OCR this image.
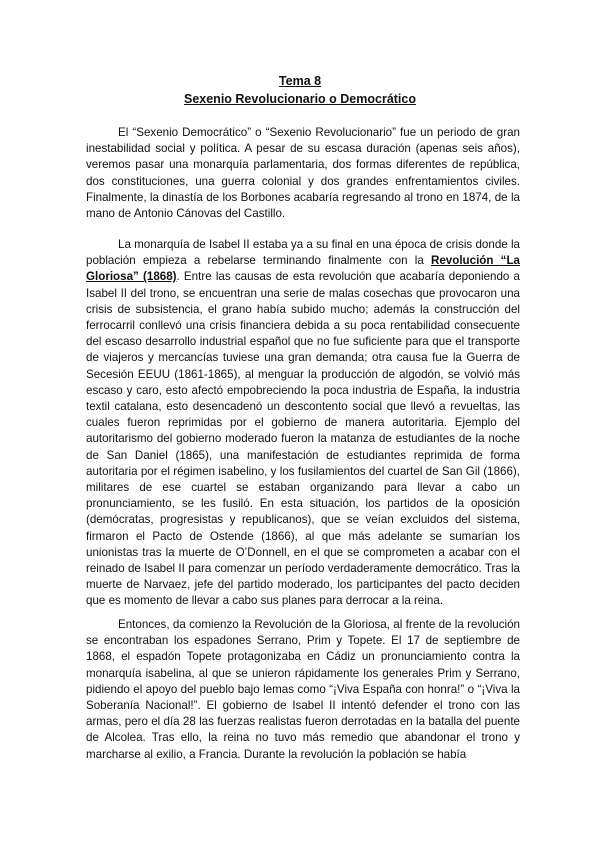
Tema 8
Sexenio Revolucionario o Democrático

El “Sexenio Democrático” o “Sexenio Revolucionario” fue un periodo de gran inestabilidad social y política. A pesar de su escasa duración (apenas seis años), veremos pasar una monarquía parlamentaria, dos formas diferentes de república, dos constituciones, una guerra colonial y dos grandes enfrentamientos civiles. Finalmente, la dinastía de los Borbones acabaría regresando al trono en 1874, de la mano de Antonio Cánovas del Castillo.

La monarquía de Isabel II estaba ya a su final en una época de crisis donde la población empieza a rebelarse terminando finalmente con la Revolución “La Gloriosa” (1868). Entre las causas de esta revolución que acabaría deponiendo a Isabel II del trono, se encuentran una serie de malas cosechas que provocaron una crisis de subsistencia, el grano había subido mucho; además la construcción del ferrocarril conllevó una crisis financiera debida a su poca rentabilidad consecuente del escaso desarrollo industrial español que no fue suficiente para que el transporte de viajeros y mercancías tuviese una gran demanda; otra causa fue la Guerra de Secesión EEUU (1861-1865), al menguar la producción de algodón, se volvió más escaso y caro, esto afectó empobreciendo la poca industria de España, la industria textil catalana, esto desencadenó un descontento social que llevó a revueltas, las cuales fueron reprimidas por el gobierno de manera autoritaria. Ejemplo del autoritarismo del gobierno moderado fueron la matanza de estudiantes de la noche de San Daniel (1865), una manifestación de estudiantes reprimida de forma autoritaria por el régimen isabelino, y los fusilamientos del cuartel de San Gil (1866), militares de ese cuartel se estaban organizando para llevar a cabo un pronunciamiento, se les fusiló. En esta situación, los partidos de la oposición (demócratas, progresistas y republicanos), que se veían excluidos del sistema, firmaron el Pacto de Ostende (1866), al que más adelante se sumarían los unionistas tras la muerte de O’Donnell, en el que se comprometen a acabar con el reinado de Isabel II para comenzar un período verdaderamente democrático. Tras la muerte de Narvaez, jefe del partido moderado, los participantes del pacto deciden que es momento de llevar a cabo sus planes para derrocar a la reina.

Entonces, da comienzo la Revolución de la Gloriosa, al frente de la revolución se encontraban los espadones Serrano, Prim y Topete. El 17 de septiembre de 1868, el espadón Topete protagonizaba en Cádiz un pronunciamiento contra la monarquía isabelina, al que se unieron rápidamente los generales Prim y Serrano, pidiendo el apoyo del pueblo bajo lemas como “¡Viva España con honra!” o “¡Viva la Soberanía Nacional!”. El gobierno de Isabel II intentó defender el trono con las armas, pero el día 28 las fuerzas realistas fueron derrotadas en la batalla del puente de Alcolea. Tras ello, la reina no tuvo más remedio que abandonar el trono y marcharse al exilio, a Francia. Durante la revolución la población se había
